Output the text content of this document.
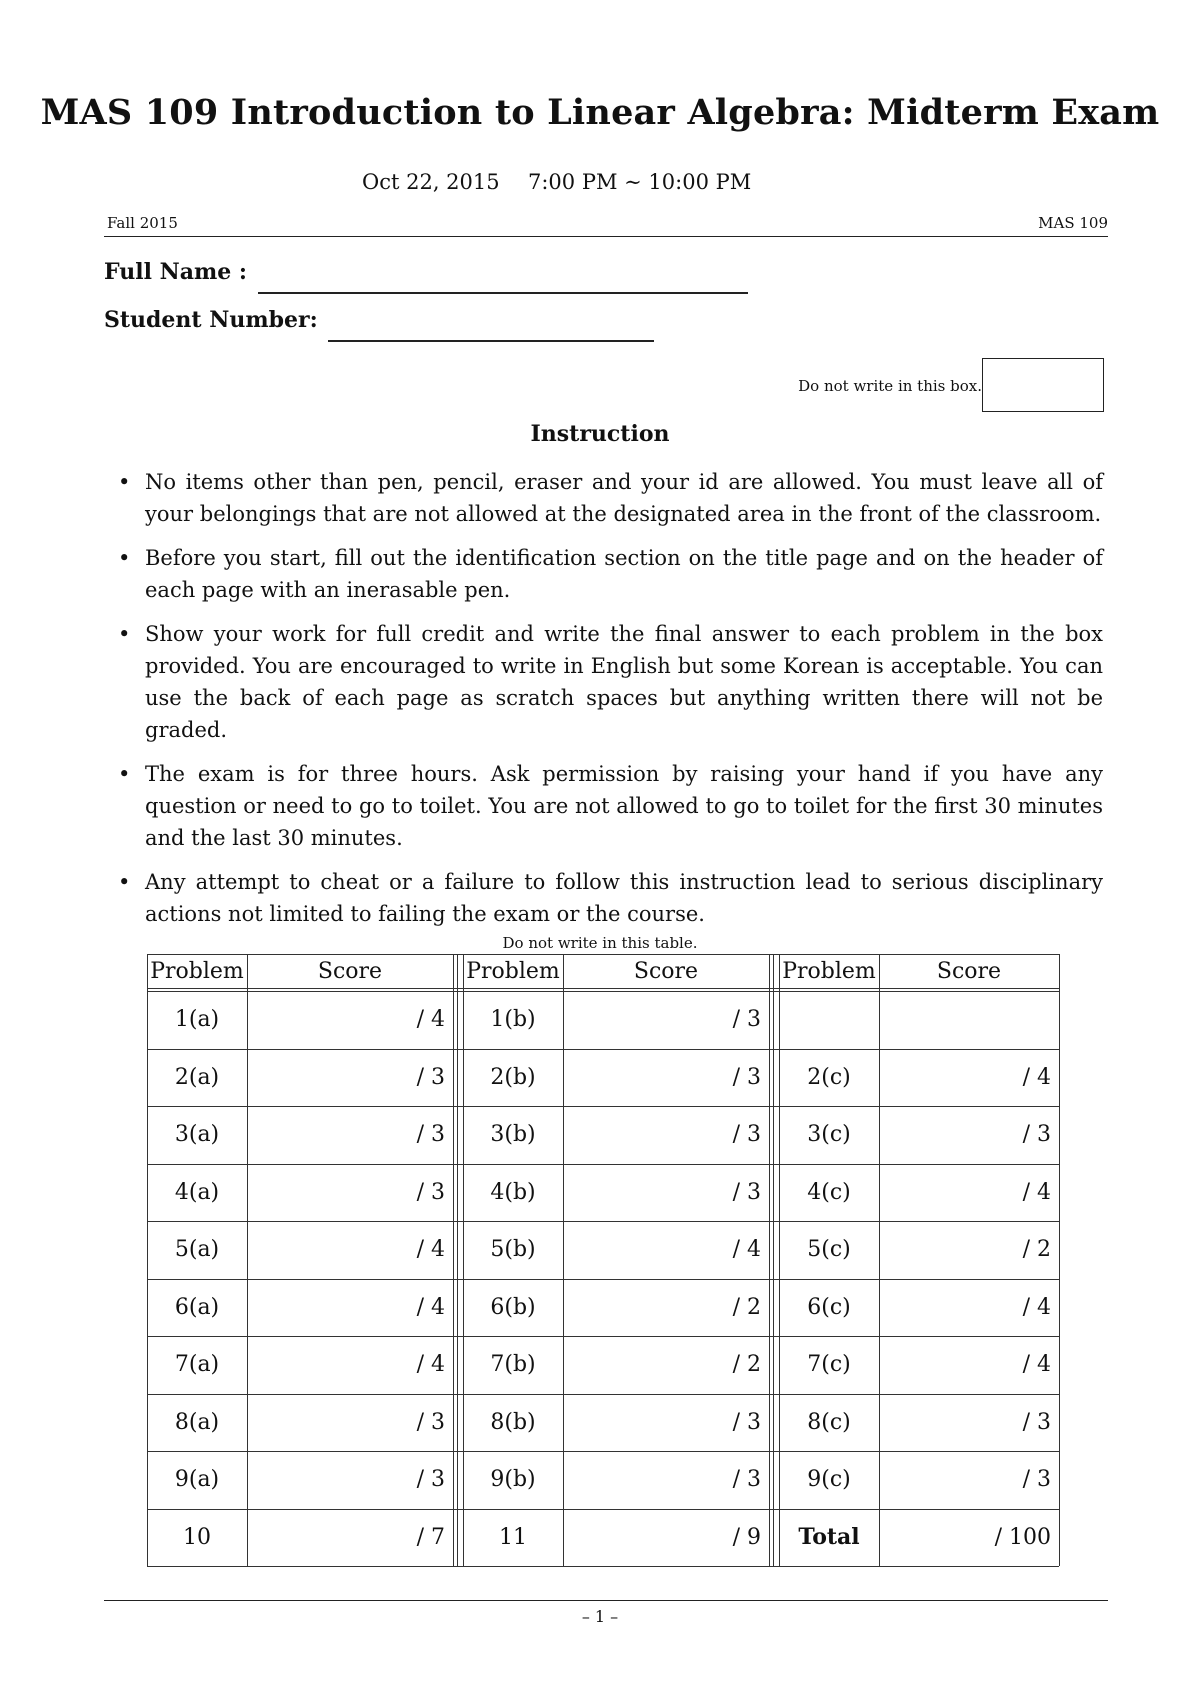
MAS 109 Introduction to Linear Algebra: Midterm Exam
Oct 22, 2015 7:00 PM ∼ 10:00 PM
Fall 2015	MAS 109
Full Name :
Student Number:
Do not write in this box.
Instruction
• No items other than pen, pencil, eraser and your id are allowed. You must leave all of your belongings that are not allowed at the designated area in the front of the classroom.
• Before you start, fill out the identification section on the title page and on the header of each page with an inerasable pen.
• Show your work for full credit and write the final answer to each problem in the box provided. You are encouraged to write in English but some Korean is acceptable. You can use the back of each page as scratch spaces but anything written there will not be graded.
• The exam is for three hours. Ask permission by raising your hand if you have any question or need to go to toilet. You are not allowed to go to toilet for the first 30 minutes and the last 30 minutes.
• Any attempt to cheat or a failure to follow this instruction lead to serious disciplinary actions not limited to failing the exam or the course.
Do not write in this table.
Problem	Score	Problem	Score	Problem	Score
1(a)	/ 4	1(b)	/ 3
2(a)	/ 3	2(b)	/ 3	2(c)	/ 4
3(a)	/ 3	3(b)	/ 3	3(c)	/ 3
4(a)	/ 3	4(b)	/ 3	4(c)	/ 4
5(a)	/ 4	5(b)	/ 4	5(c)	/ 2
6(a)	/ 4	6(b)	/ 2	6(c)	/ 4
7(a)	/ 4	7(b)	/ 2	7(c)	/ 4
8(a)	/ 3	8(b)	/ 3	8(c)	/ 3
9(a)	/ 3	9(b)	/ 3	9(c)	/ 3
10	/ 7	11	/ 9	Total	/ 100
– 1 –
